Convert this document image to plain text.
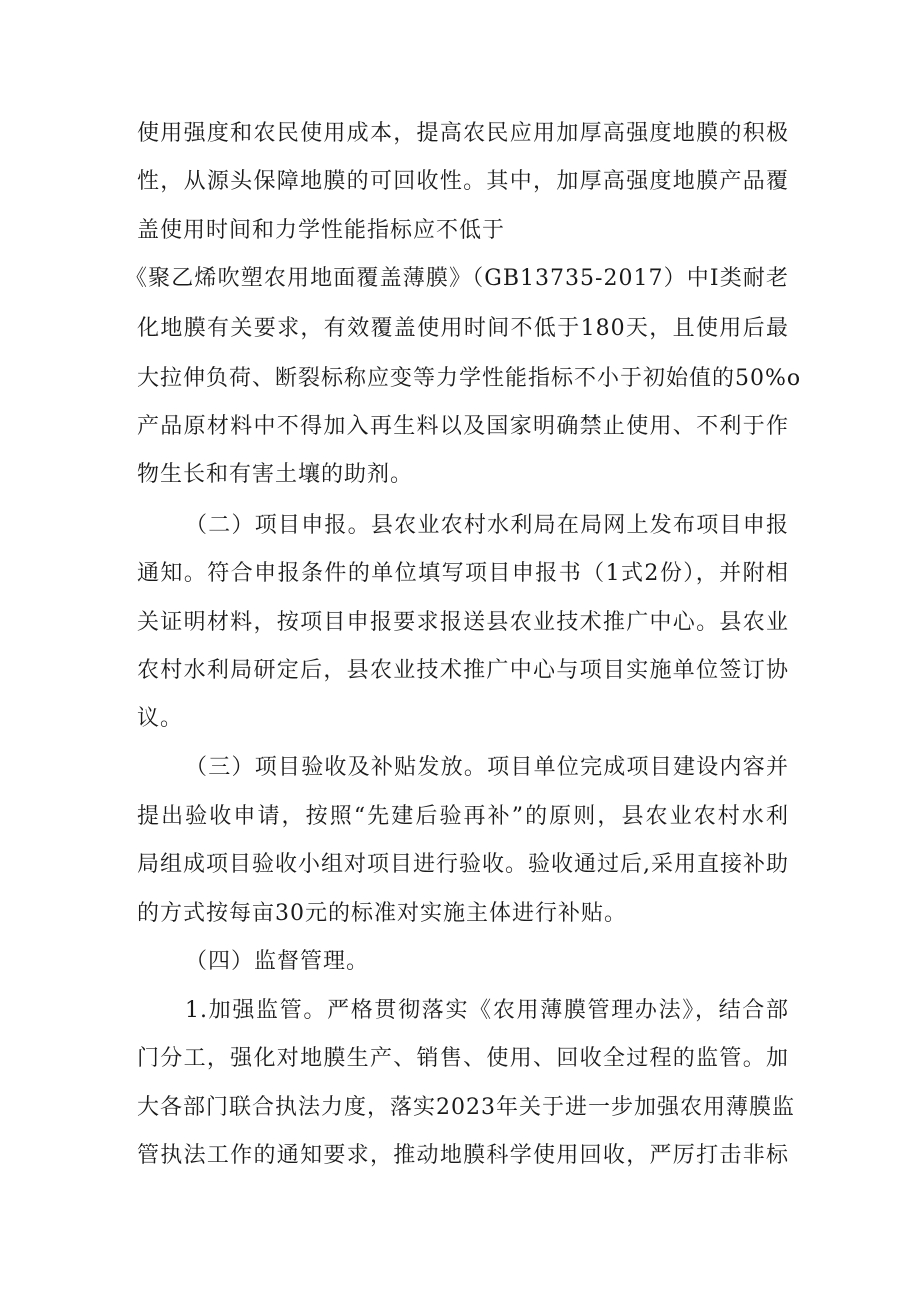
使用强度和农民使用成本，提高农民应用加厚高强度地膜的积极
性，从源头保障地膜的可回收性。其中，加厚高强度地膜产品覆
盖使用时间和力学性能指标应不低于
《聚乙烯吹塑农用地面覆盖薄膜》（GB13735-2017）中I类耐老
化地膜有关要求，有效覆盖使用时间不低于180天，且使用后最
大拉伸负荷、断裂标称应变等力学性能指标不小于初始值的50%o
产品原材料中不得加入再生料以及国家明确禁止使用、不利于作
物生长和有害土壤的助剂。
（二）项目申报。县农业农村水利局在局网上发布项目申报
通知。符合申报条件的单位填写项目申报书（1式2份），并附相
关证明材料，按项目申报要求报送县农业技术推广中心。县农业
农村水利局研定后，县农业技术推广中心与项目实施单位签订协
议。
（三）项目验收及补贴发放。项目单位完成项目建设内容并
提出验收申请，按照“先建后验再补”的原则，县农业农村水利
局组成项目验收小组对项目进行验收。验收通过后,采用直接补助
的方式按每亩30元的标准对实施主体进行补贴。
（四）监督管理。
1.加强监管。严格贯彻落实《农用薄膜管理办法》，结合部
门分工，强化对地膜生产、销售、使用、回收全过程的监管。加
大各部门联合执法力度，落实2023年关于进一步加强农用薄膜监
管执法工作的通知要求，推动地膜科学使用回收，严厉打击非标
